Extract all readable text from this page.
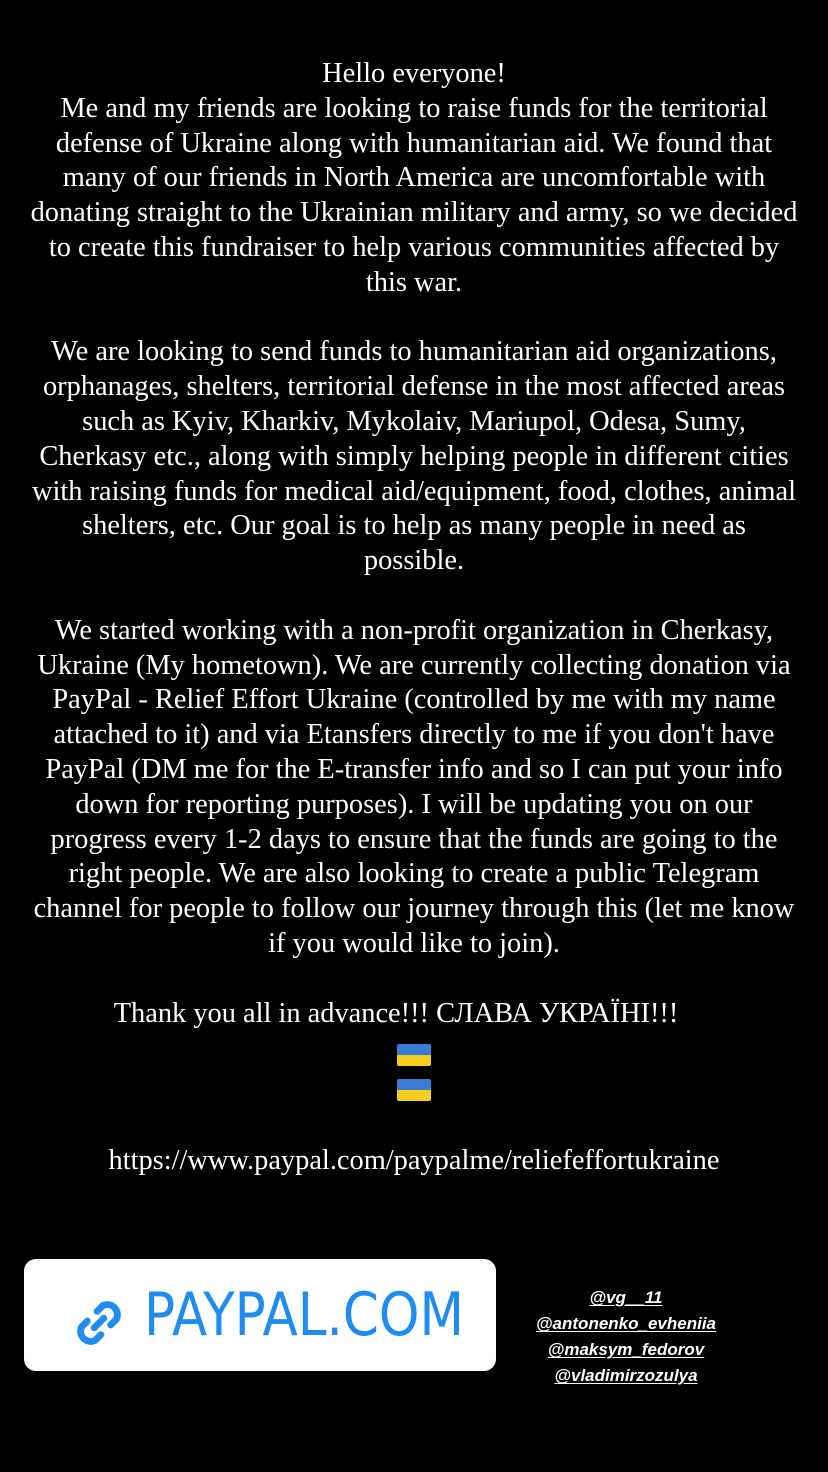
Hello everyone!

Me and my friends are looking to raise funds for the territorial defense of Ukraine along with humanitarian aid. We found that many of our friends in North America are uncomfortable with donating straight to the Ukrainian military and army, so we decided to create this fundraiser to help various communities affected by this war.

We are looking to send funds to humanitarian aid organizations, orphanages, shelters, territorial defense in the most affected areas such as Kyiv, Kharkiv, Mykolaiv, Mariupol, Odesa, Sumy, Cherkasy etc., along with simply helping people in different cities with raising funds for medical aid/equipment, food, clothes, animal shelters, etc. Our goal is to help as many people in need as possible.

We started working with a non-profit organization in Cherkasy, Ukraine (My hometown). We are currently collecting donation via PayPal - Relief Effort Ukraine (controlled by me with my name attached to it) and via Etansfers directly to me if you don't have PayPal (DM me for the E-transfer info and so I can put your info down for reporting purposes). I will be updating you on our progress every 1-2 days to ensure that the funds are going to the right people. We are also looking to create a public Telegram channel for people to follow our journey through this (let me know if you would like to join).

Thank you all in advance!!! СЛАВА УКРАЇНІ!!!

https://www.paypal.com/paypalme/reliefeffortukraine
PAYPAL.COM	@vg__11
@antonenko_evheniia
@maksym_fedorov
@vladimirzozulya
